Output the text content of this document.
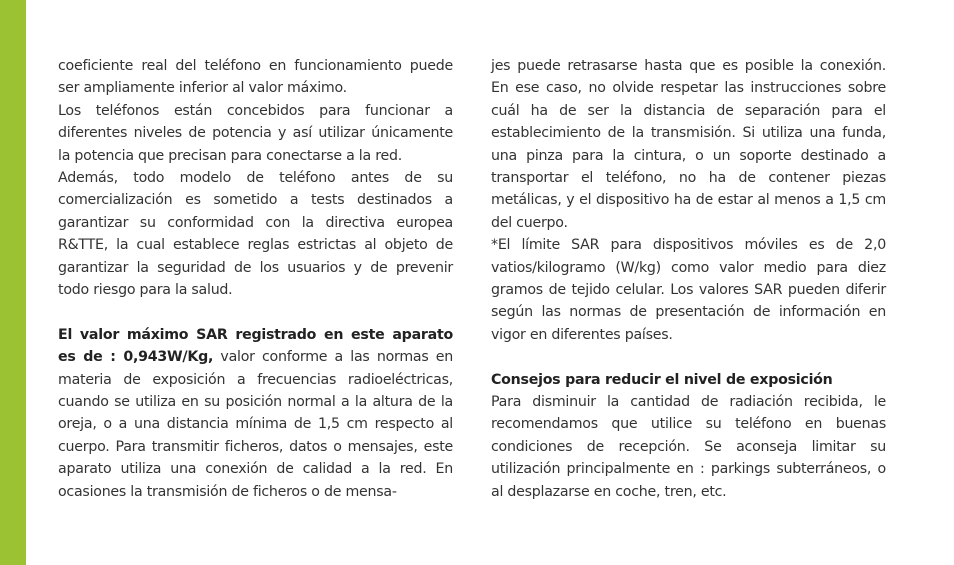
coeficiente real del teléfono en funcionamiento puede ser ampliamente inferior al valor máximo.

Los teléfonos están concebidos para funcionar a diferentes niveles de potencia y así utilizar únicamente la potencia que precisan para conectarse a la red.

Además, todo modelo de teléfono antes de su comercialización es sometido a tests destinados a garantizar su conformidad con la directiva europea R&TTE, la cual establece reglas estrictas al objeto de garantizar la seguridad de los usuarios y de prevenir todo riesgo para la salud.

El valor máximo SAR registrado en este aparato es de : 0,943W/Kg, valor conforme a las normas en materia de exposición a frecuencias radioeléctricas, cuando se utiliza en su posición normal a la altura de la oreja, o a una distancia mínima de 1,5 cm respecto al cuerpo. Para transmitir ficheros, datos o mensajes, este aparato utiliza una conexión de calidad a la red. En ocasiones la transmisión de ficheros o de mensa-

jes puede retrasarse hasta que es posible la conexión. En ese caso, no olvide respetar las instrucciones sobre cuál ha de ser la distancia de separación para el establecimiento de la transmisión. Si utiliza una funda, una pinza para la cintura, o un soporte destinado a transportar el teléfono, no ha de contener piezas metálicas, y el dispositivo ha de estar al menos a 1,5 cm del cuerpo.

*El límite SAR para dispositivos móviles es de 2,0 vatios/kilogramo (W/kg) como valor medio para diez gramos de tejido celular. Los valores SAR pueden diferir según las normas de presentación de información en vigor en diferentes países.

Consejos para reducir el nivel de exposición

Para disminuir la cantidad de radiación recibida, le recomendamos que utilice su teléfono en buenas condiciones de recepción. Se aconseja limitar su utilización principalmente en : parkings subterráneos, o al desplazarse en coche, tren, etc.
